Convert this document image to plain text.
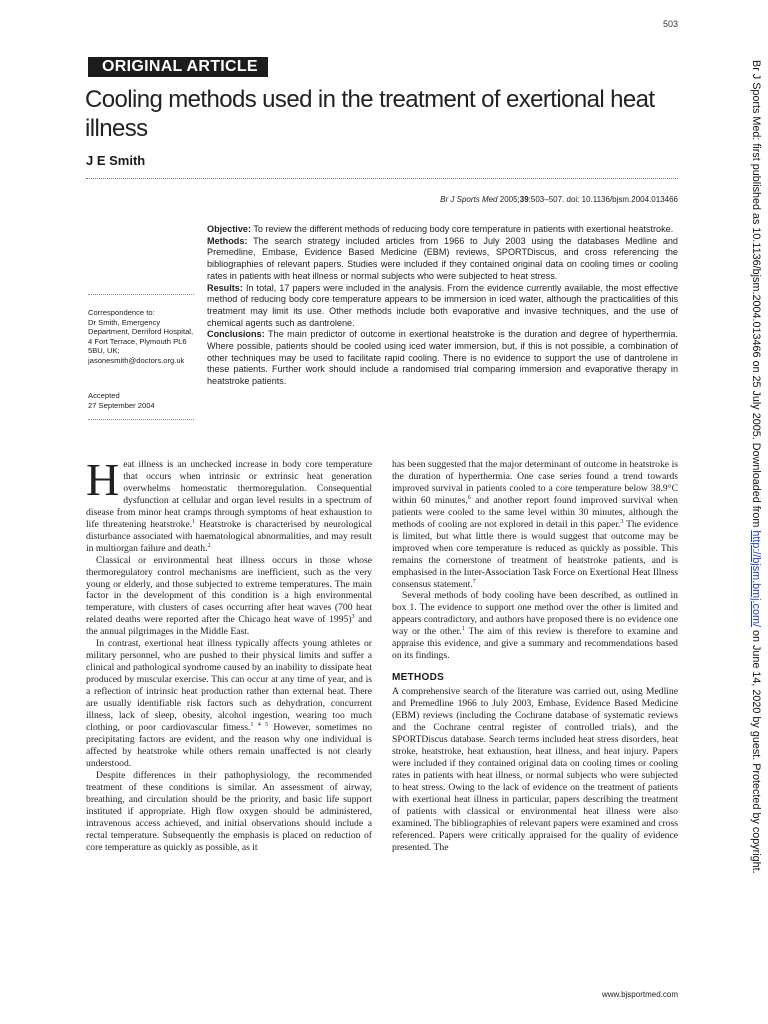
503
ORIGINAL ARTICLE
Cooling methods used in the treatment of exertional heat illness
J E Smith
Br J Sports Med 2005;39:503–507. doi: 10.1136/bjsm.2004.013466
Correspondence to:
Dr Smith, Emergency Department, Derriford Hospital, 4 Fort Terrace, Plymouth PL6 5BU, UK; jasonesmith@doctors.org.uk
Accepted
27 September 2004

Objective: To review the different methods of reducing body core temperature in patients with exertional heatstroke.

Methods: The search strategy included articles from 1966 to July 2003 using the databases Medline and Premedline, Embase, Evidence Based Medicine (EBM) reviews, SPORTDiscus, and cross referencing the bibliographies of relevant papers. Studies were included if they contained original data on cooling times or cooling rates in patients with heat illness or normal subjects who were subjected to heat stress.

Results: In total, 17 papers were included in the analysis. From the evidence currently available, the most effective method of reducing body core temperature appears to be immersion in iced water, although the practicalities of this treatment may limit its use. Other methods include both evaporative and invasive techniques, and the use of chemical agents such as dantrolene.

Conclusions: The main predictor of outcome in exertional heatstroke is the duration and degree of hyperthermia. Where possible, patients should be cooled using iced water immersion, but, if this is not possible, a combination of other techniques may be used to facilitate rapid cooling. There is no evidence to support the use of dantrolene in these patients. Further work should include a randomised trial comparing immersion and evaporative therapy in heatstroke patients.

Heat illness is an unchecked increase in body core temperature that occurs when intrinsic or extrinsic heat generation overwhelms homeostatic thermoregulation. Consequential dysfunction at cellular and organ level results in a spectrum of disease from minor heat cramps through symptoms of heat exhaustion to life threatening heatstroke.$^1$ Heatstroke is characterised by neurological disturbance associated with haematological abnormalities, and may result in multiorgan failure and death.$^2$

Classical or environmental heat illness occurs in those whose thermoregulatory control mechanisms are inefficient, such as the very young or elderly, and those subjected to extreme temperatures. The main factor in the development of this condition is a high environmental temperature, with clusters of cases occurring after heat waves (700 heat related deaths were reported after the Chicago heat wave of 1995)$^3$ and the annual pilgrimages in the Middle East.

In contrast, exertional heat illness typically affects young athletes or military personnel, who are pushed to their physical limits and suffer a clinical and pathological syndrome caused by an inability to dissipate heat produced by muscular exercise. This can occur at any time of year, and is a reflection of intrinsic heat production rather than external heat. There are usually identifiable risk factors such as dehydration, concurrent illness, lack of sleep, obesity, alcohol ingestion, wearing too much clothing, or poor cardiovascular fitness.$^{1 4 5}$ However, sometimes no precipitating factors are evident, and the reason why one individual is affected by heatstroke while others remain unaffected is not clearly understood.

Despite differences in their pathophysiology, the recommended treatment of these conditions is similar. An assessment of airway, breathing, and circulation should be the priority, and basic life support instituted if appropriate. High flow oxygen should be administered, intravenous access achieved, and initial observations should include a rectal temperature. Subsequently the emphasis is placed on reduction of core temperature as quickly as possible, as it

has been suggested that the major determinant of outcome in heatstroke is the duration of hyperthermia. One case series found a trend towards improved survival in patients cooled to a core temperature below 38.9°C within 60 minutes,$^6$ and another report found improved survival when patients were cooled to the same level within 30 minutes, although the methods of cooling are not explored in detail in this paper.$^3$ The evidence is limited, but what little there is would suggest that outcome may be improved when core temperature is reduced as quickly as possible. This remains the cornerstone of treatment of heatstroke patients, and is emphasised in the Inter-Association Task Force on Exertional Heat Illness consensus statement.$^7$

Several methods of body cooling have been described, as outlined in box 1. The evidence to support one method over the other is limited and appears contradictory, and authors have proposed there is no evidence one way or the other.$^1$ The aim of this review is therefore to examine and appraise this evidence, and give a summary and recommendations based on its findings.

METHODS

A comprehensive search of the literature was carried out, using Medline and Premedline 1966 to July 2003, Embase, Evidence Based Medicine (EBM) reviews (including the Cochrane database of systematic reviews and the Cochrane central register of controlled trials), and the SPORTDiscus database. Search terms included heat stress disorders, heat stroke, heatstroke, heat exhaustion, heat illness, and heat injury. Papers were included if they contained original data on cooling times or cooling rates in patients with heat illness, or normal subjects who were subjected to heat stress. Owing to the lack of evidence on the treatment of patients with exertional heat illness in particular, papers describing the treatment of patients with classical or environmental heat illness were also examined. The bibliographies of relevant papers were examined and cross referenced. Papers were critically appraised for the quality of evidence presented. The

www.bjsportmed.com
Br J Sports Med: first published as 10.1136/bjsm.2004.013466 on 25 July 2005. Downloaded from http://bjsm.bmj.com/ on June 14, 2020 by guest. Protected by copyright.
